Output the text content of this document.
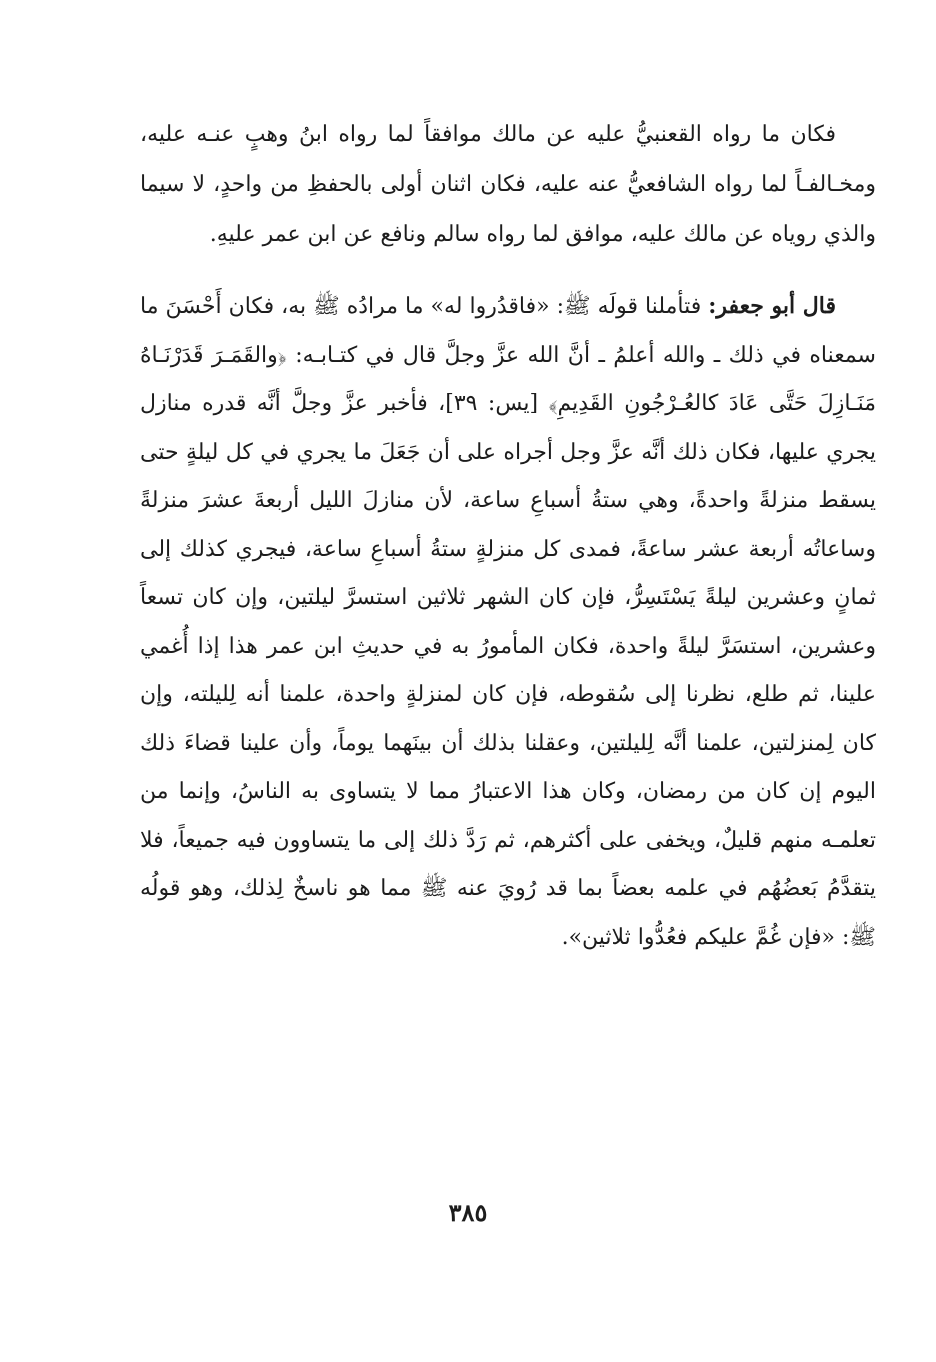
فكان ما رواه القعنبيُّ عليه عن مالك موافقاً لما رواه ابنُ وهبٍ عنـه عليه، ومخـالفـاً لما رواه الشافعيُّ عنه عليه، فكان اثنان أولى بالحفظِ من واحدٍ، لا سيما والذي روياه عن مالك عليه، موافق لما رواه سالم ونافع عن ابن عمر عليهِ.

قال أبو جعفر: فتأملنا قولَه ﷺ: «فاقدُروا له» ما مرادُه ﷺ به، فكان أَحْسَنَ ما سمعناه في ذلك ـ والله أعلمُ ـ أنَّ الله عزَّ وجلَّ قال في كتـابـه: ﴿والقَمَـرَ قَدَرْنَـاهُ مَنَـازِلَ حَتَّى عَادَ كالعُـرْجُونِ القَدِيمِ﴾ [يس: ٣٩]، فأخبر عزَّ وجلَّ أنَّه قدره منازل يجري عليها، فكان ذلك أنَّه عزَّ وجل أجراه على أن جَعَلَ ما يجري في كل ليلةٍ حتى يسقط منزلةً واحدةً، وهي ستةُ أسباعِ ساعة، لأن منازلَ الليل أربعةَ عشرَ منزلةً وساعاتُه أربعة عشر ساعةً، فمدى كل منزلةٍ ستةُ أسباعِ ساعة، فيجري كذلك إلى ثمانٍ وعشرين ليلةً يَسْتَسِرُّ، فإن كان الشهر ثلاثين استسرَّ ليلتين، وإن كان تسعاً وعشرين، استسَرَّ ليلةً واحدة، فكان المأمورُ به في حديثِ ابن عمر هذا إذا أُغمي علينا، ثم طلع، نظرنا إلى سُقوطه، فإن كان لمنزلةٍ واحدة، علمنا أنه لِليلته، وإن كان لِمنزلتين، علمنا أنَّه لِليلتين، وعقلنا بذلك أن بينَهما يوماً، وأن علينا قضاءَ ذلك اليوم إن كان من رمضان، وكان هذا الاعتبارُ مما لا يتساوى به الناسُ، وإنما من تعلمـه منهم قليلٌ، ويخفى على أكثرهم، ثم رَدَّ ذلك إلى ما يتساوون فيه جميعاً، فلا يتقدَّمُ بَعضُهُم في علمه بعضاً بما قد رُويَ عنه ﷺ مما هو ناسخٌ لِذلك، وهو قولُه ﷺ: «فإن غُمَّ عليكم فعُدُّوا ثلاثين».

٣٨٥
